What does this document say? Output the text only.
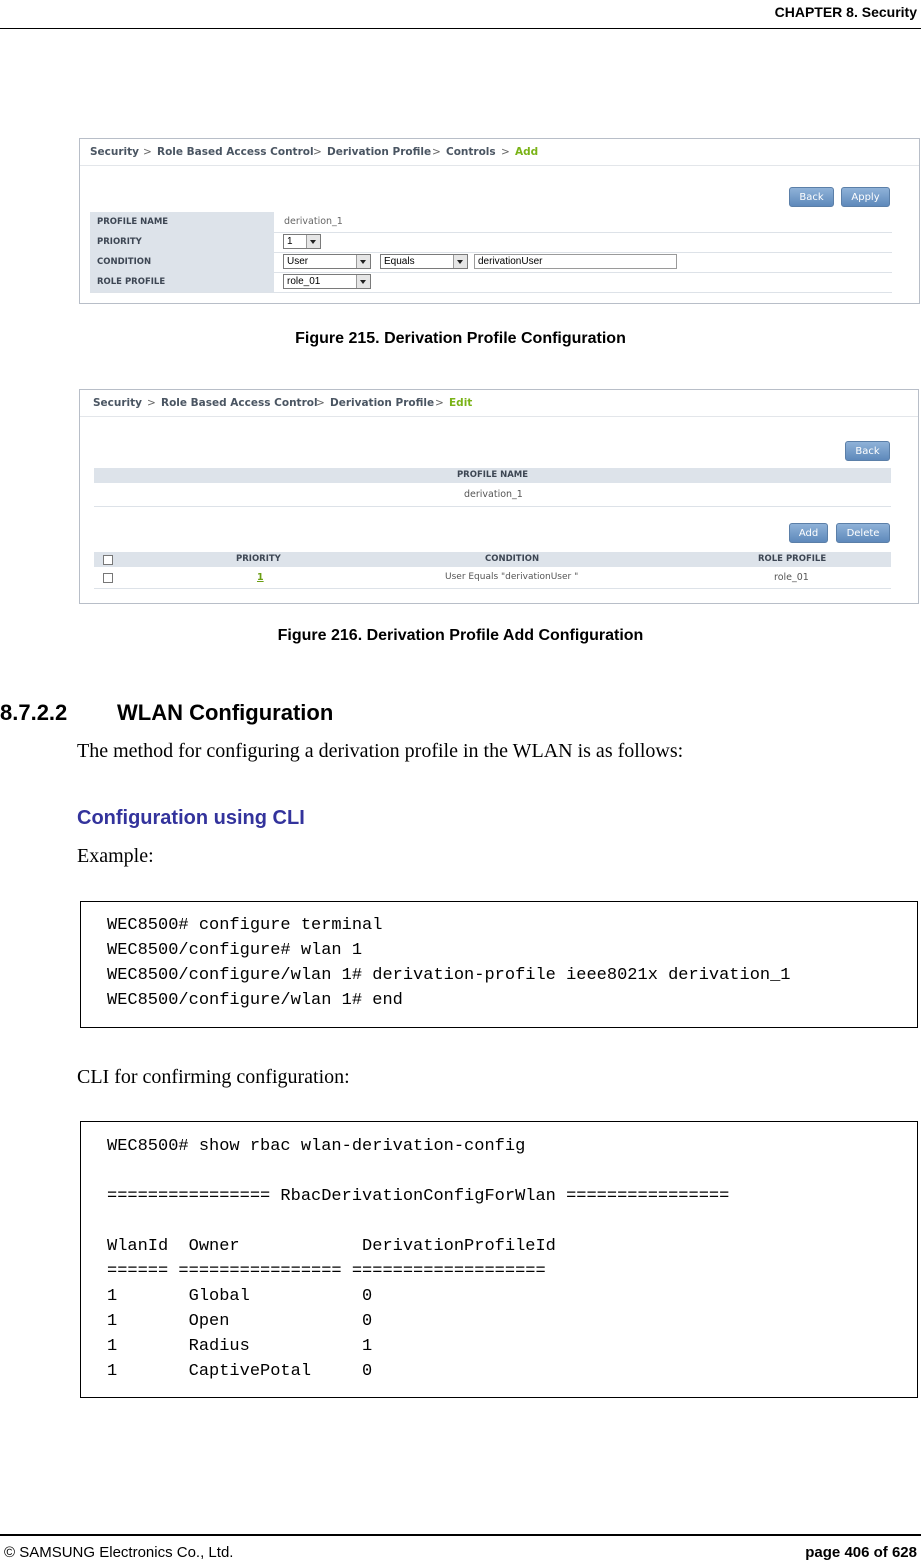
CHAPTER 8. Security
Security > Role Based Access Control > Derivation Profile > Controls > Add
Back	Apply
PROFILE NAME	derivation_1
PRIORITY	1
CONDITION	User	Equals	derivationUser
ROLE PROFILE	role_01
Figure 215. Derivation Profile Configuration
Security > Role Based Access Control
> Derivation Profile > Edit
Back
PROFILE NAME
derivation_1
Add	Delete
PRIORITY	CONDITION	ROLE PROFILE
1	User Equals "derivationUser "	role_01
Figure 216. Derivation Profile Add Configuration
8.7.2.2 WLAN Configuration
The method for configuring a derivation profile in the WLAN is as follows:
Configuration using CLI
Example:
WEC8500# configure terminal
WEC8500/configure# wlan 1
WEC8500/configure/wlan 1# derivation-profile ieee8021x derivation_1
WEC8500/configure/wlan 1# end
CLI for confirming configuration:
WEC8500# show rbac wlan-derivation-config
================ RbacDerivationConfigForWlan ================
WlanId  Owner            DerivationProfileId
====== ================ ===================
1       Global           0
1       Open             0
1       Radius           1
1       CaptivePotal     0
© SAMSUNG Electronics Co., Ltd.	page 406 of 628
